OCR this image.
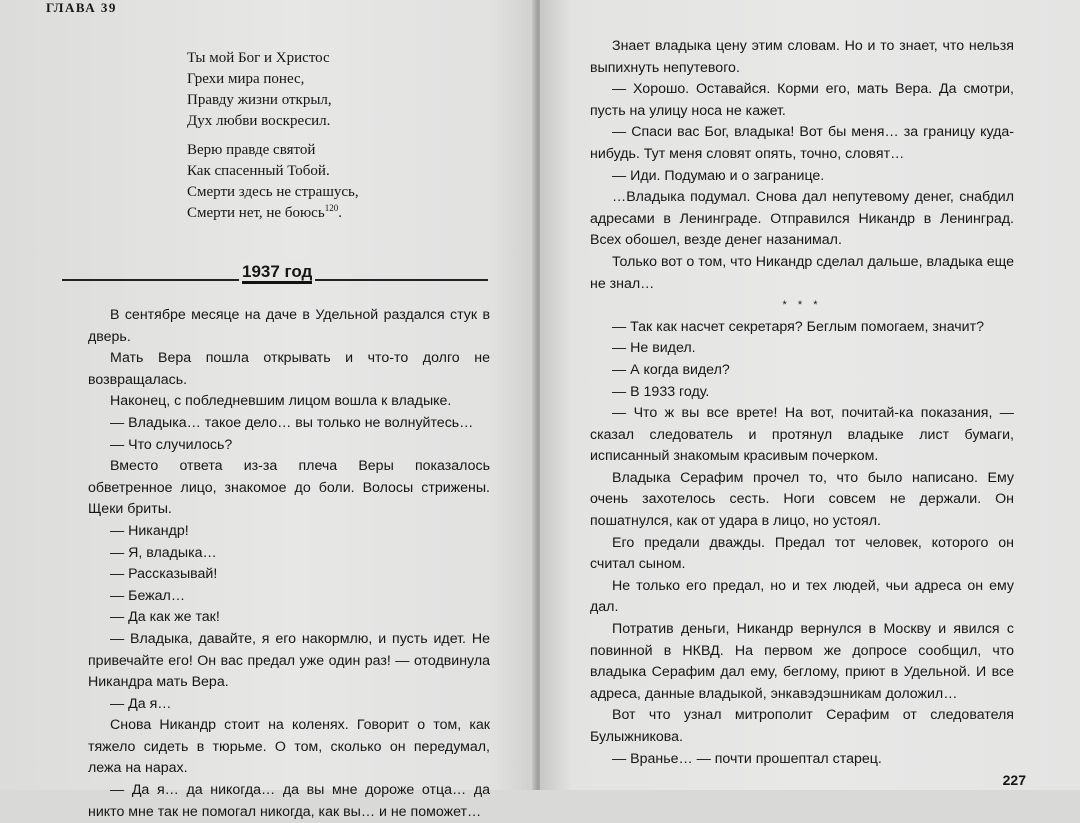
ГЛАВА 39
Ты мой Бог и Христос
Грехи мира понес,
Правду жизни открыл,
Дух любви воскресил.
Верю правде святой
Как спасенный Тобой.
Смерти здесь не страшусь,
Смерти нет, не боюсь$^{120}$.
1937 год

В сентябре месяце на даче в Удельной раздался стук в дверь.

Мать Вера пошла открывать и что-то долго не возвращалась.

Наконец, с побледневшим лицом вошла к владыке.

— Владыка… такое дело… вы только не волнуйтесь…

— Что случилось?

Вместо ответа из-за плеча Веры показалось обветренное лицо, знакомое до боли. Волосы стрижены. Щеки бриты.

— Никандр!

— Я, владыка…

— Рассказывай!

— Бежал…

— Да как же так!

— Владыка, давайте, я его накормлю, и пусть идет. Не привечайте его! Он вас предал уже один раз! — отодвинула Никандра мать Вера.

— Да я…

Снова Никандр стоит на коленях. Говорит о том, как тяжело сидеть в тюрьме. О том, сколько он передумал, лежа на нарах.

— Да я… да никогда… да вы мне дороже отца… да никто мне так не помогал никогда, как вы… и не поможет…

Знает владыка цену этим словам. Но и то знает, что нельзя выпихнуть непутевого.

— Хорошо. Оставайся. Корми его, мать Вера. Да смотри, пусть на улицу носа не кажет.

— Спаси вас Бог, владыка! Вот бы меня… за границу куда-нибудь. Тут меня словят опять, точно, словят…

— Иди. Подумаю и о загранице.

…Владыка подумал. Снова дал непутевому денег, снабдил адресами в Ленинграде. Отправился Никандр в Ленинград. Всех обошел, везде денег назанимал.

Только вот о том, что Никандр сделал дальше, владыка еще не знал…

* * *

— Так как насчет секретаря? Беглым помогаем, значит?

— Не видел.

— А когда видел?

— В 1933 году.

— Что ж вы все врете! На вот, почитай-ка показания, — сказал следователь и протянул владыке лист бумаги, исписанный знакомым красивым почерком.

Владыка Серафим прочел то, что было написано. Ему очень захотелось сесть. Ноги совсем не держали. Он пошатнулся, как от удара в лицо, но устоял.

Его предали дважды. Предал тот человек, которого он считал сыном.

Не только его предал, но и тех людей, чьи адреса он ему дал.

Потратив деньги, Никандр вернулся в Москву и явился с повинной в НКВД. На первом же допросе сообщил, что владыка Серафим дал ему, беглому, приют в Удельной. И все адреса, данные владыкой, энкавэдэшникам доложил…

Вот что узнал митрополит Серафим от следователя Булыжникова.

— Вранье… — почти прошептал старец.

227
